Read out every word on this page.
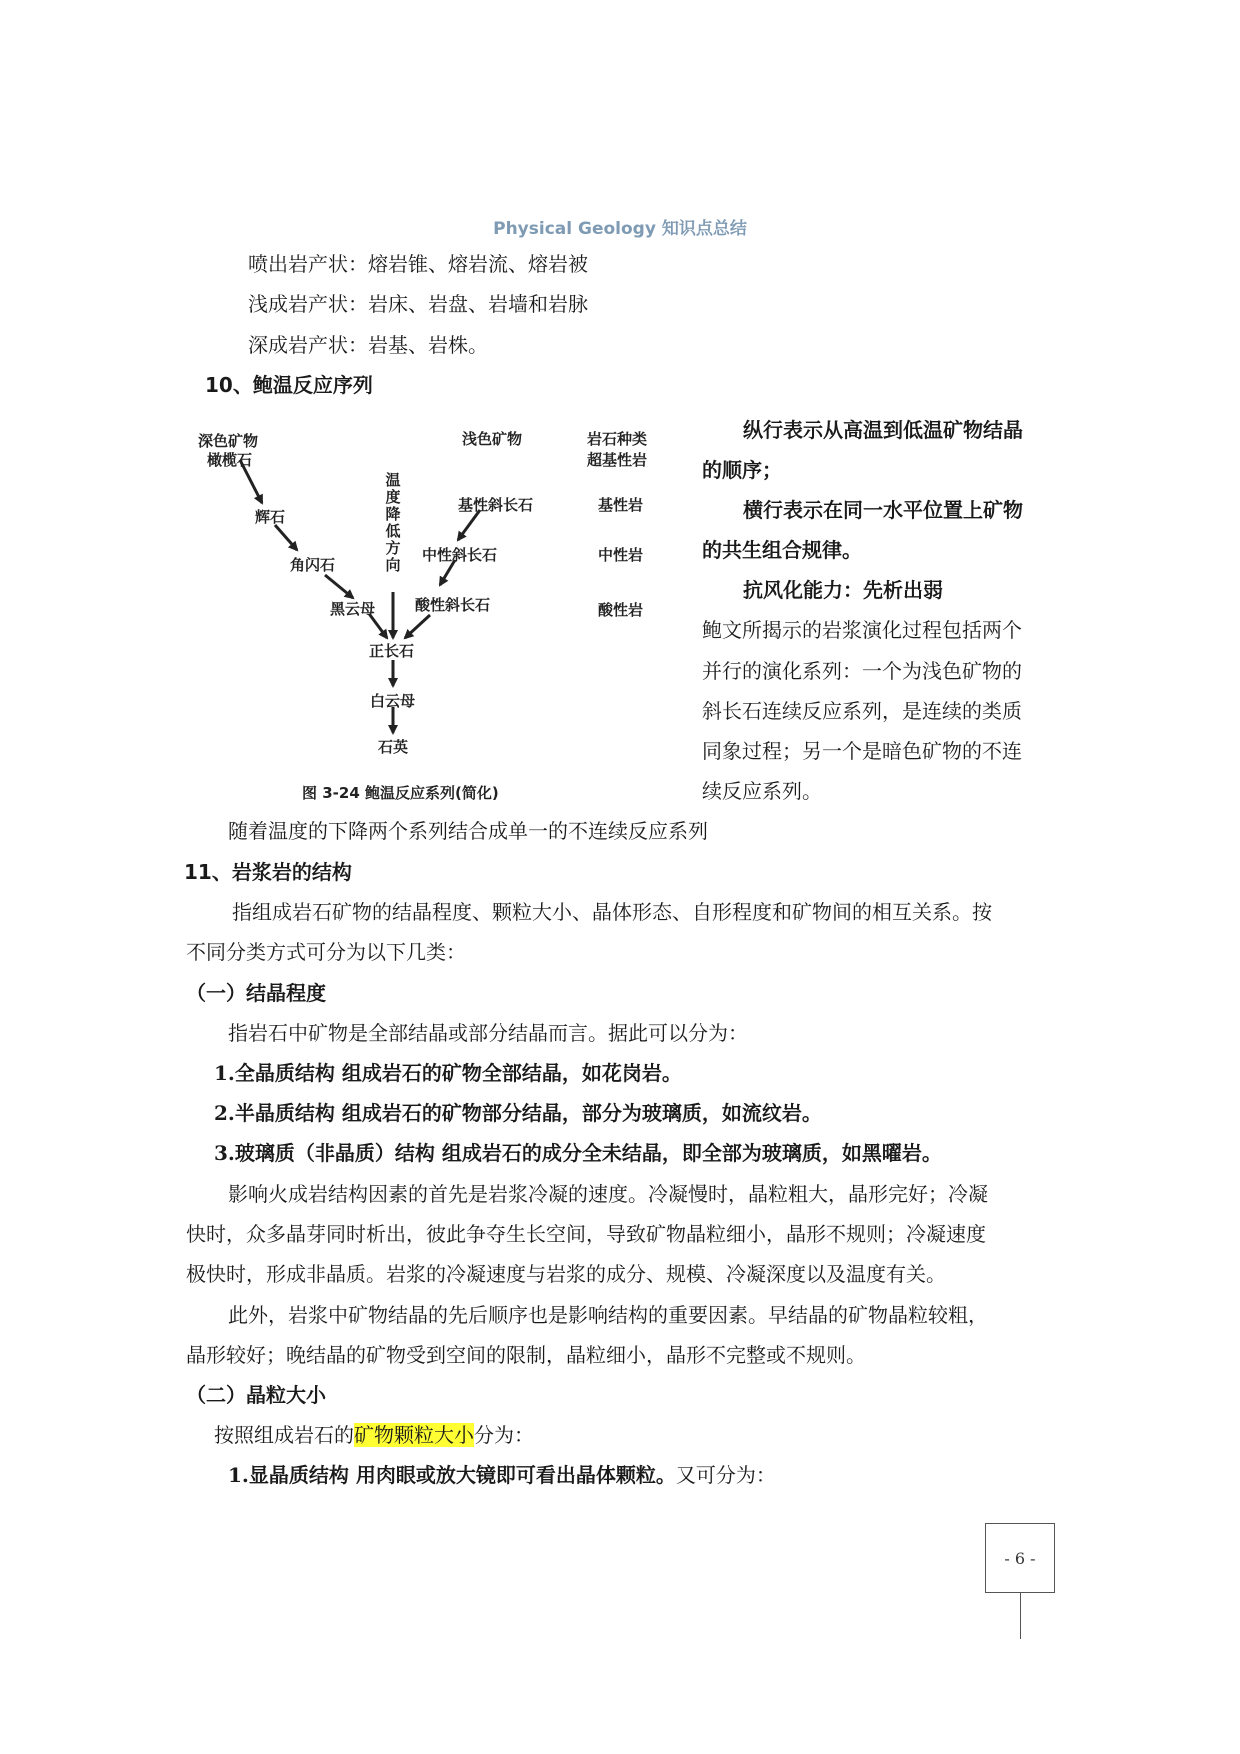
Physical Geology 知识点总结
喷出岩产状：熔岩锥、熔岩流、熔岩被
浅成岩产状：岩床、岩盘、岩墙和岩脉
深成岩产状：岩基、岩株。
10、鲍温反应序列
深色矿物
橄榄石
辉石
角闪石
黑云母
温度降低方向
浅色矿物
基性斜长石
中性斜长石
酸性斜长石
正长石
白云母
石英
岩石种类
超基性岩
基性岩
中性岩
酸性岩
图 3-24 鲍温反应系列(简化)
纵行表示从高温到低温矿物结晶
的顺序；
横行表示在同一水平位置上矿物
的共生组合规律。
抗风化能力：先析出弱
鲍文所揭示的岩浆演化过程包括两个
并行的演化系列：一个为浅色矿物的
斜长石连续反应系列，是连续的类质
同象过程；另一个是暗色矿物的不连
续反应系列。
随着温度的下降两个系列结合成单一的不连续反应系列
11、岩浆岩的结构
指组成岩石矿物的结晶程度、颗粒大小、晶体形态、自形程度和矿物间的相互关系。按
不同分类方式可分为以下几类：
（一）结晶程度
指岩石中矿物是全部结晶或部分结晶而言。据此可以分为：
1.全晶质结构 组成岩石的矿物全部结晶，如花岗岩。
2.半晶质结构 组成岩石的矿物部分结晶，部分为玻璃质，如流纹岩。
3.玻璃质（非晶质）结构 组成岩石的成分全未结晶，即全部为玻璃质，如黑曜岩。
影响火成岩结构因素的首先是岩浆冷凝的速度。冷凝慢时，晶粒粗大，晶形完好；冷凝
快时，众多晶芽同时析出，彼此争夺生长空间，导致矿物晶粒细小，晶形不规则；冷凝速度
极快时，形成非晶质。岩浆的冷凝速度与岩浆的成分、规模、冷凝深度以及温度有关。
此外，岩浆中矿物结晶的先后顺序也是影响结构的重要因素。早结晶的矿物晶粒较粗，
晶形较好；晚结晶的矿物受到空间的限制，晶粒细小，晶形不完整或不规则。
（二）晶粒大小
按照组成岩石的矿物颗粒大小分为：
1.显晶质结构 用肉眼或放大镜即可看出晶体颗粒。又可分为：
- 6 -
